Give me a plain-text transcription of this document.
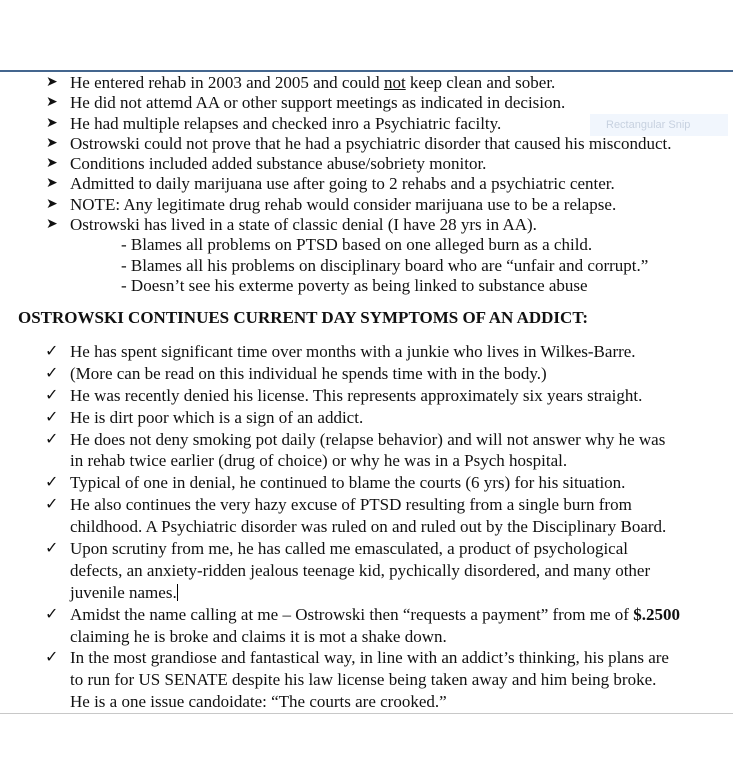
Rectangular Snip
➤ He entered rehab in 2003 and 2005 and could not keep clean and sober.
➤ He did not attemd AA or other support meetings as indicated in decision.
➤ He had multiple relapses and checked inro a Psychiatric facilty.
➤ Ostrowski could not prove that he had a psychiatric disorder that caused his misconduct.
➤ Conditions included added substance abuse/sobriety monitor.
➤ Admitted to daily marijuana use after going to 2 rehabs and a psychiatric center.
➤ NOTE: Any legitimate drug rehab would consider marijuana use to be a relapse.
➤ Ostrowski has lived in a state of classic denial (I have 28 yrs in AA).
- Blames all problems on PTSD based on one alleged burn as a child.
- Blames all his problems on disciplinary board who are “unfair and corrupt.”
- Doesn’t see his exterme poverty as being linked to substance abuse
OSTROWSKI CONTINUES CURRENT DAY SYMPTOMS OF AN ADDICT:
✓ He has spent significant time over months with a junkie who lives in Wilkes-Barre.
✓ (More can be read on this individual he spends time with in the body.)
✓ He was recently denied his license. This represents approximately six years straight.
✓ He is dirt poor which is a sign of an addict.
✓ He does not deny smoking pot daily (relapse behavior) and will not answer why he was
in rehab twice earlier (drug of choice) or why he was in a Psych hospital.
✓ Typical of one in denial, he continued to blame the courts (6 yrs) for his situation.
✓ He also continues the very hazy excuse of PTSD resulting from a single burn from
childhood. A Psychiatric disorder was ruled on and ruled out by the Disciplinary Board.
✓ Upon scrutiny from me, he has called me emasculated, a product of psychological
defects, an anxiety-ridden jealous teenage kid, pychically disordered, and many other
juvenile names.
✓ Amidst the name calling at me – Ostrowski then “requests a payment” from me of $.2500
claiming he is broke and claims it is mot a shake down.
✓ In the most grandiose and fantastical way, in line with an addict’s thinking, his plans are
to run for US SENATE despite his law license being taken away and him being broke.
He is a one issue candoidate: “The courts are crooked.”
